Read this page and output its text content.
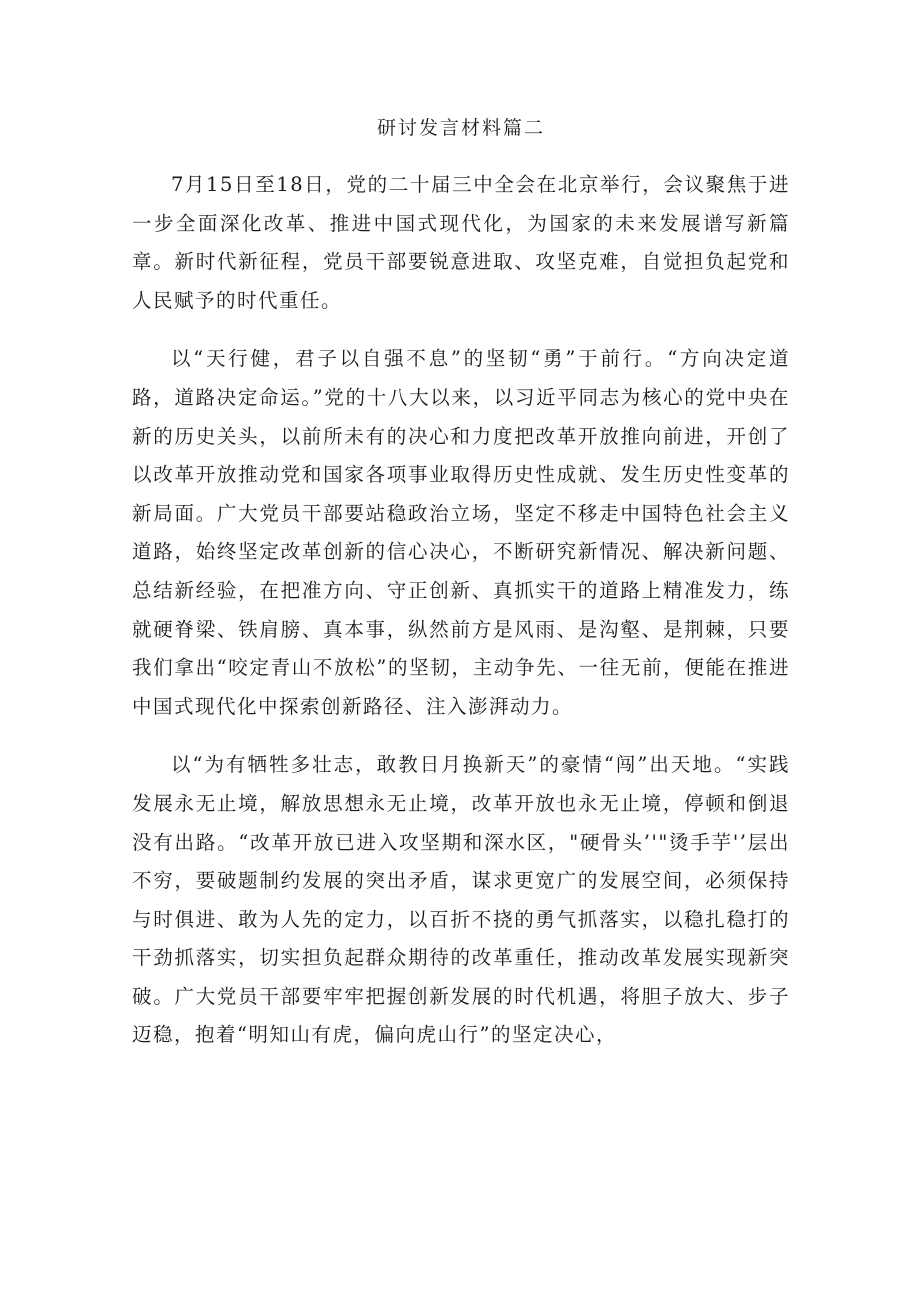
研讨发言材料篇二

7月15日至18日，党的二十届三中全会在北京举行，会议聚焦于进一步全面深化改革、推进中国式现代化，为国家的未来发展谱写新篇章。新时代新征程，党员干部要锐意进取、攻坚克难，自觉担负起党和人民赋予的时代重任。

以“天行健，君子以自强不息”的坚韧“勇”于前行。“方向决定道路，道路决定命运。”党的十八大以来，以习近平同志为核心的党中央在新的历史关头，以前所未有的决心和力度把改革开放推向前进，开创了以改革开放推动党和国家各项事业取得历史性成就、发生历史性变革的新局面。广大党员干部要站稳政治立场，坚定不移走中国特色社会主义道路，始终坚定改革创新的信心决心，不断研究新情况、解决新问题、总结新经验，在把准方向、守正创新、真抓实干的道路上精准发力，练就硬脊梁、铁肩膀、真本事，纵然前方是风雨、是沟壑、是荆棘，只要我们拿出“咬定青山不放松”的坚韧，主动争先、一往无前，便能在推进中国式现代化中探索创新路径、注入澎湃动力。

以“为有牺牲多壮志，敢教日月换新天”的豪情“闯”出天地。“实践发展永无止境，解放思想永无止境，改革开放也永无止境，停顿和倒退没有出路。“改革开放已进入攻坚期和深水区，"硬骨头’'"烫手芋'’层出不穷，要破题制约发展的突出矛盾，谋求更宽广的发展空间，必须保持与时俱进、敢为人先的定力，以百折不挠的勇气抓落实，以稳扎稳打的干劲抓落实，切实担负起群众期待的改革重任，推动改革发展实现新突破。广大党员干部要牢牢把握创新发展的时代机遇，将胆子放大、步子迈稳，抱着“明知山有虎，偏向虎山行”的坚定决心，
